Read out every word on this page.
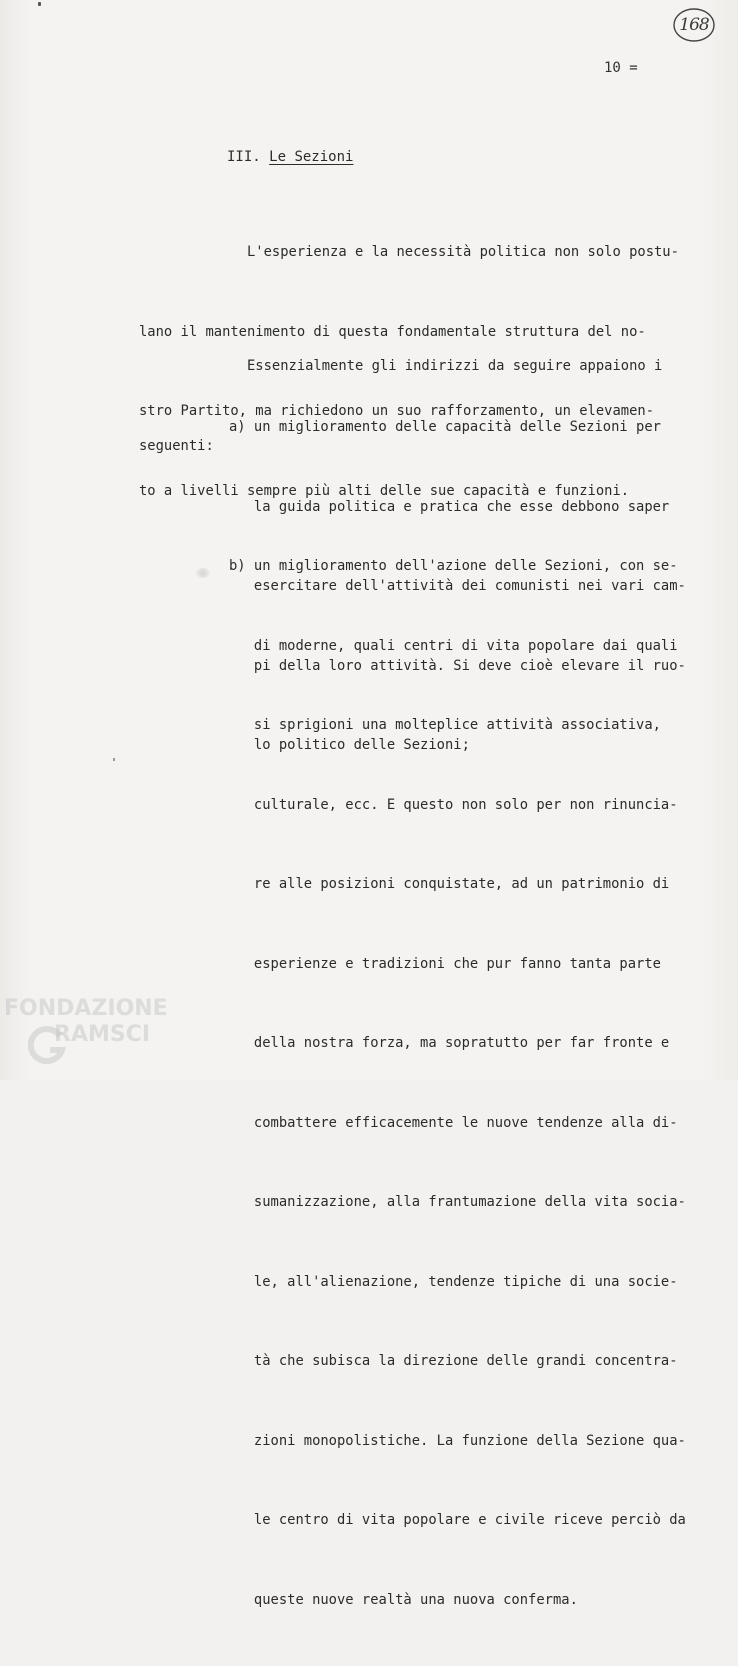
168
10 =
III. Le Sezioni

L'esperienza e la necessità politica non solo postu-

lano il mantenimento di questa fondamentale struttura del no-

stro Partito, ma richiedono un suo rafforzamento, un elevamen-

to a livelli sempre più alti delle sue capacità e funzioni.

Essenzialmente gli indirizzi da seguire appaiono i

seguenti:

a) un miglioramento delle capacità delle Sezioni per

la guida politica e pratica che esse debbono saper

esercitare dell'attività dei comunisti nei vari cam-

pi della loro attività. Si deve cioè elevare il ruo-

lo politico delle Sezioni;

b) un miglioramento dell'azione delle Sezioni, con se-

di moderne, quali centri di vita popolare dai quali

si sprigioni una molteplice attività associativa,

culturale, ecc. E questo non solo per non rinuncia-

re alle posizioni conquistate, ad un patrimonio di

esperienze e tradizioni che pur fanno tanta parte

della nostra forza, ma sopratutto per far fronte e

combattere efficacemente le nuove tendenze alla di-

sumanizzazione, alla frantumazione della vita socia-

le, all'alienazione, tendenze tipiche di una socie-

tà che subisca la direzione delle grandi concentra-

zioni monopolistiche. La funzione della Sezione qua-

le centro di vita popolare e civile riceve perciò da

queste nuove realtà una nuova conferma.

FONDAZIONE
RAMSCI
